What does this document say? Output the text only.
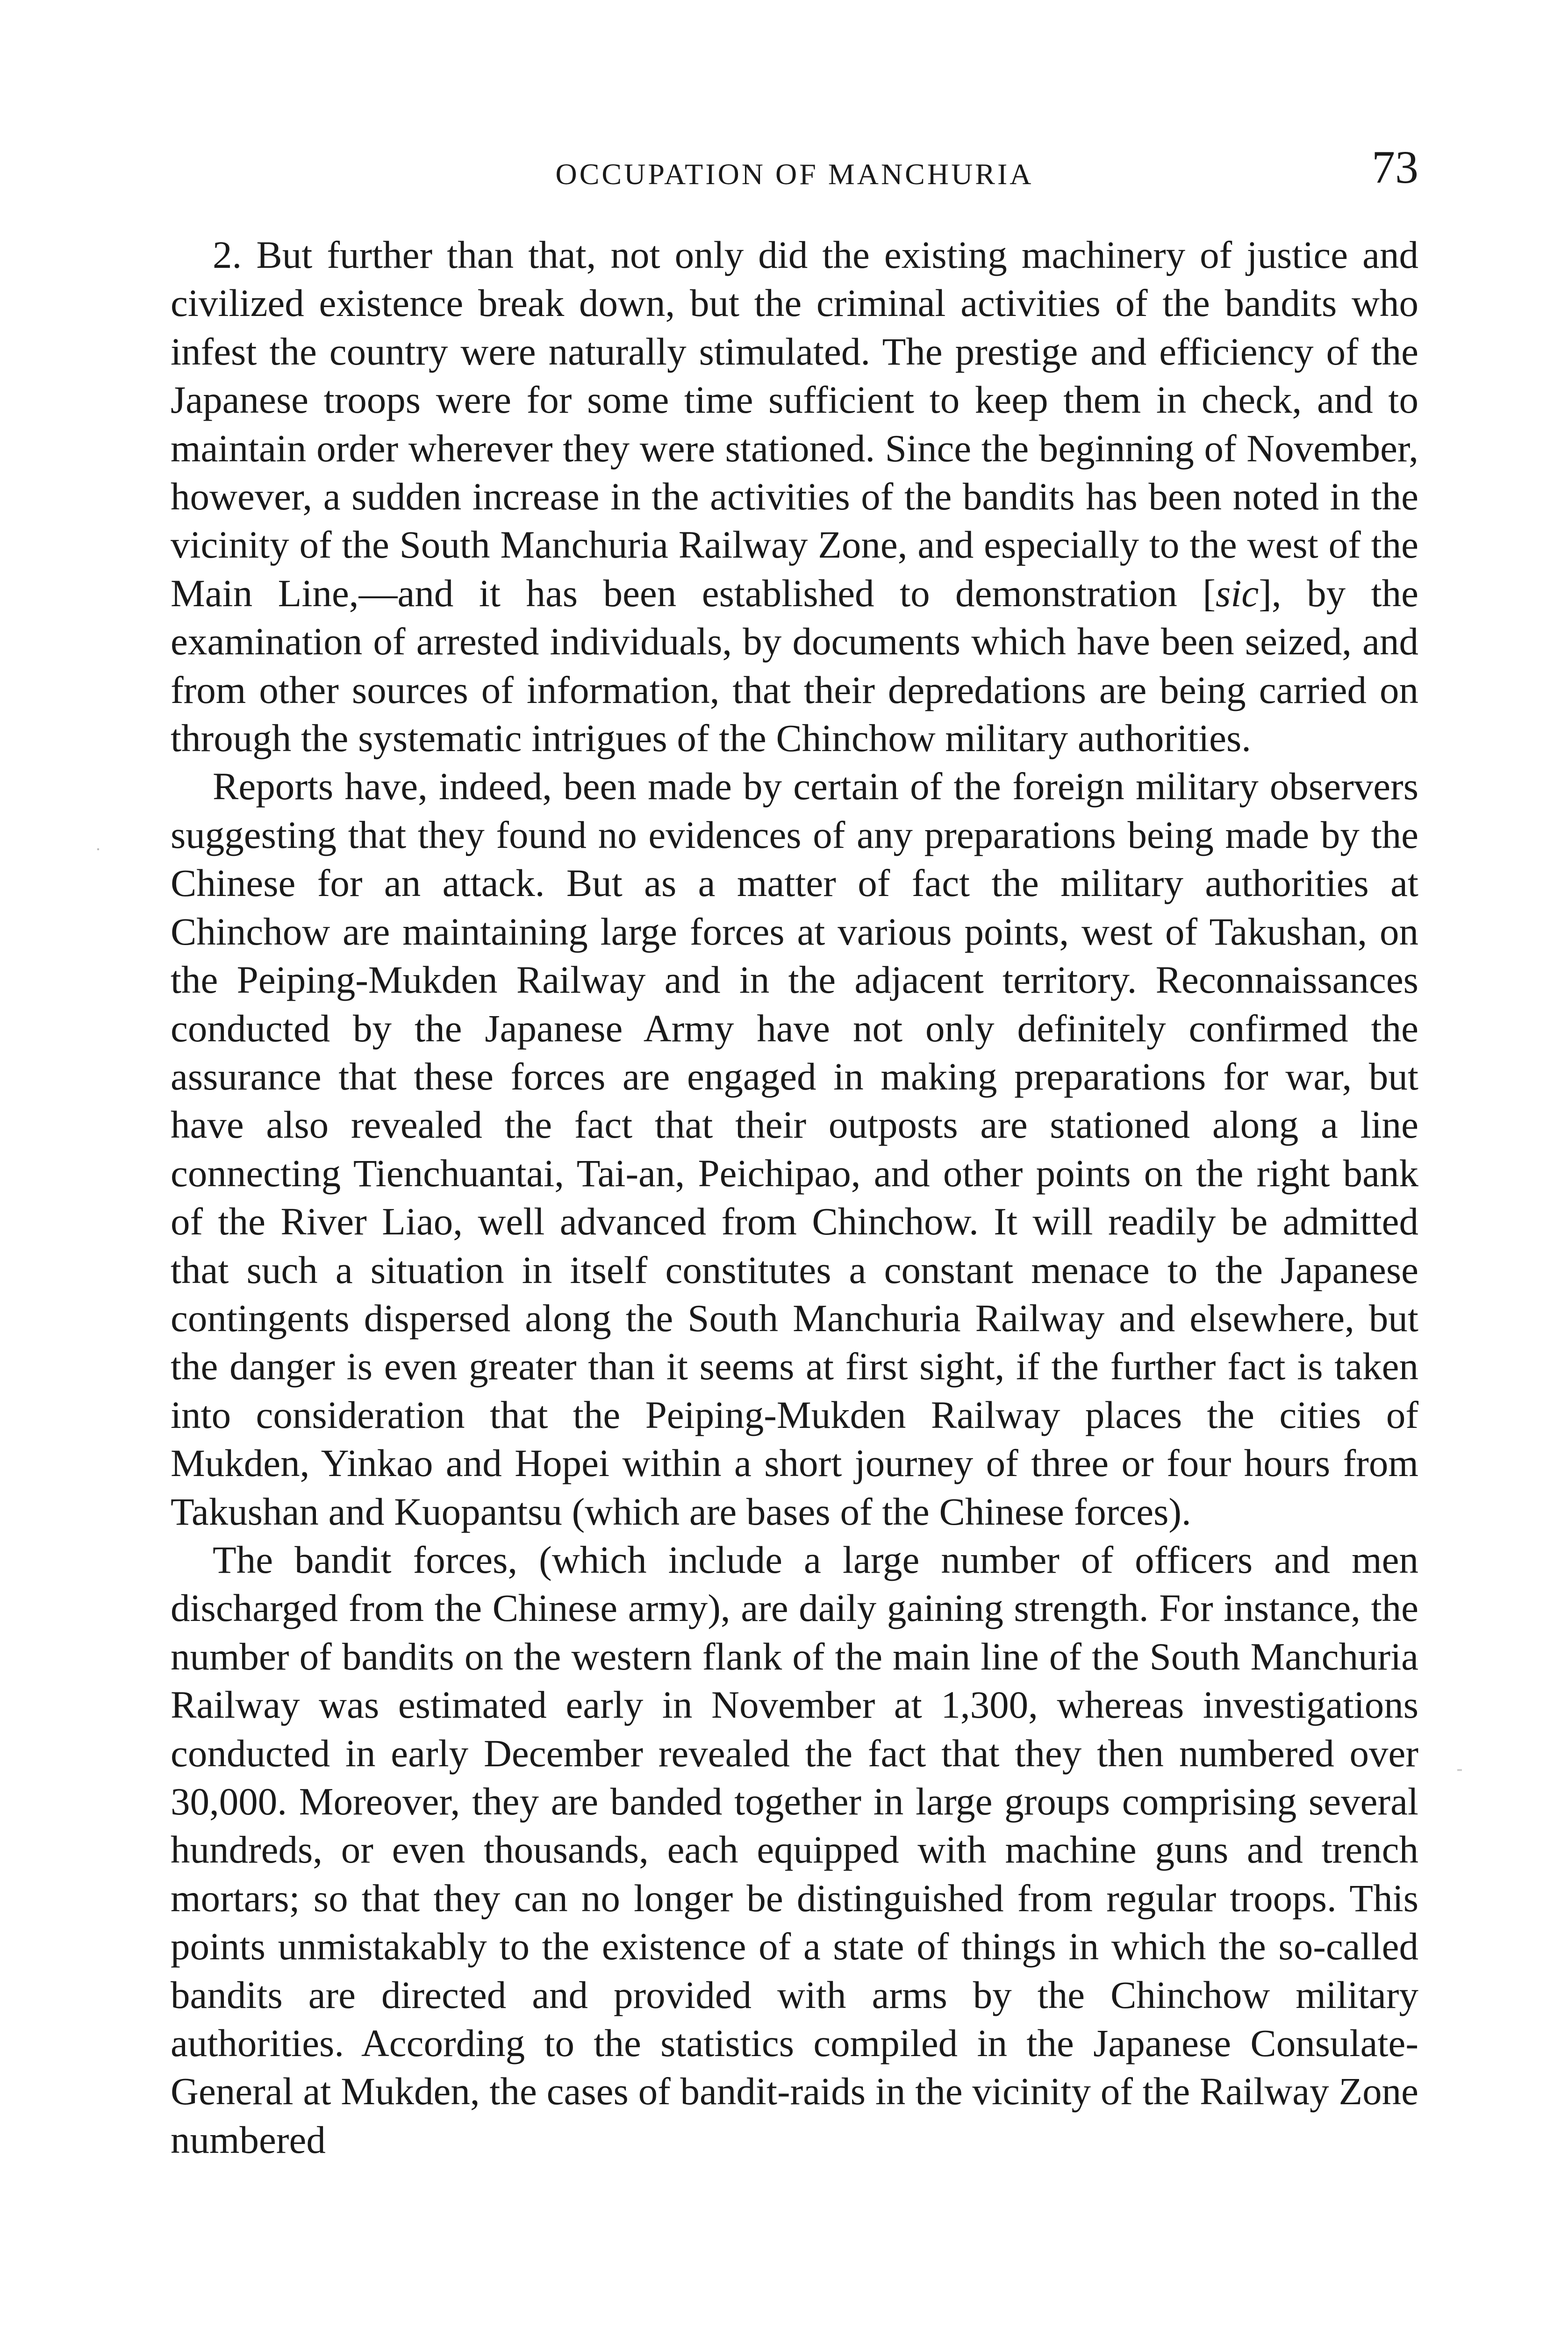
OCCUPATION OF MANCHURIA	73

2. But further than that, not only did the existing machinery of justice and civilized existence break down, but the criminal activities of the bandits who infest the country were naturally stimulated. The prestige and efficiency of the Japanese troops were for some time sufficient to keep them in check, and to maintain order wherever they were stationed. Since the beginning of November, however, a sudden increase in the activities of the bandits has been noted in the vicinity of the South Manchuria Railway Zone, and especially to the west of the Main Line,—and it has been established to demonstration [sic], by the examination of arrested individuals, by documents which have been seized, and from other sources of information, that their depredations are being carried on through the systematic intrigues of the Chinchow military authorities.

Reports have, indeed, been made by certain of the foreign military observers suggesting that they found no evidences of any preparations being made by the Chinese for an attack. But as a matter of fact the military authorities at Chinchow are maintaining large forces at various points, west of Takushan, on the Peiping-Mukden Railway and in the adjacent territory. Reconnaissances conducted by the Japanese Army have not only definitely confirmed the assurance that these forces are engaged in making preparations for war, but have also revealed the fact that their outposts are stationed along a line connecting Tienchuantai, Tai-an, Peichipao, and other points on the right bank of the River Liao, well advanced from Chinchow. It will readily be admitted that such a situation in itself constitutes a constant menace to the Japanese contingents dispersed along the South Manchuria Railway and elsewhere, but the danger is even greater than it seems at first sight, if the further fact is taken into consideration that the Peiping-Mukden Railway places the cities of Mukden, Yinkao and Hopei within a short journey of three or four hours from Takushan and Kuopantsu (which are bases of the Chinese forces).

The bandit forces, (which include a large number of officers and men discharged from the Chinese army), are daily gaining strength. For instance, the number of bandits on the western flank of the main line of the South Manchuria Railway was estimated early in November at 1,300, whereas investigations conducted in early December revealed the fact that they then numbered over 30,000. Moreover, they are banded together in large groups comprising several hundreds, or even thousands, each equipped with machine guns and trench mortars; so that they can no longer be distinguished from regular troops. This points unmistakably to the existence of a state of things in which the so-called bandits are directed and provided with arms by the Chinchow military authorities. According to the statistics compiled in the Japanese Consulate-General at Mukden, the cases of bandit-raids in the vicinity of the Railway Zone numbered
